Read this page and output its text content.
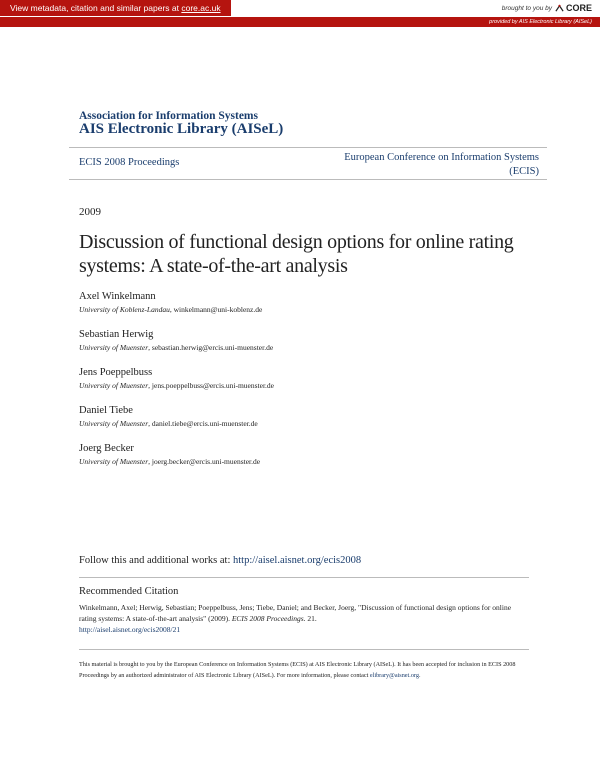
View metadata, citation and similar papers at core.ac.uk	brought to you by CORE
provided by AIS Electronic Library (AISeL)
Association for Information Systems
AIS Electronic Library (AISeL)
ECIS 2008 Proceedings	European Conference on Information Systems
(ECIS)
2009
Discussion of functional design options for online rating systems: A state-of-the-art analysis
Axel Winkelmann
University of Koblenz-Landau, winkelmann@uni-koblenz.de
Sebastian Herwig
University of Muenster, sebastian.herwig@ercis.uni-muenster.de
Jens Poeppelbuss
University of Muenster, jens.poeppelbuss@ercis.uni-muenster.de
Daniel Tiebe
University of Muenster, daniel.tiebe@ercis.uni-muenster.de
Joerg Becker
University of Muenster, joerg.becker@ercis.uni-muenster.de
Follow this and additional works at: http://aisel.aisnet.org/ecis2008
Recommended Citation
Winkelmann, Axel; Herwig, Sebastian; Poeppelbuss, Jens; Tiebe, Daniel; and Becker, Joerg, "Discussion of functional design options for online rating systems: A state-of-the-art analysis" (2009). ECIS 2008 Proceedings. 21.
http://aisel.aisnet.org/ecis2008/21
This material is brought to you by the European Conference on Information Systems (ECIS) at AIS Electronic Library (AISeL). It has been accepted for inclusion in ECIS 2008 Proceedings by an authorized administrator of AIS Electronic Library (AISeL). For more information, please contact elibrary@aisnet.org.
